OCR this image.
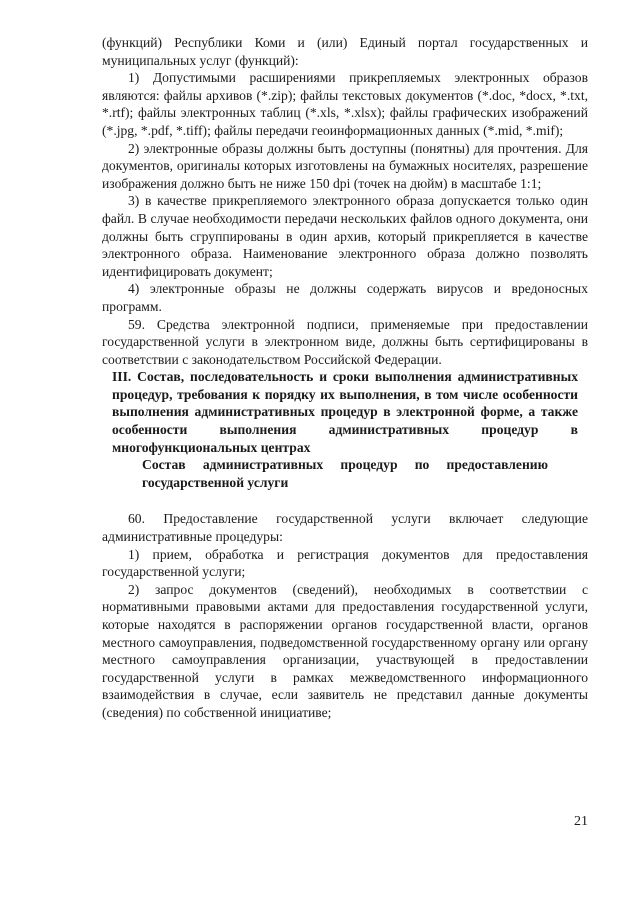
(функций) Республики Коми и (или) Единый портал государственных и муниципальных услуг (функций):

1) Допустимыми расширениями прикрепляемых электронных образов являются: файлы архивов (*.zip); файлы текстовых документов (*.doc, *docx, *.txt, *.rtf); файлы электронных таблиц (*.xls, *.xlsx); файлы графических изображений (*.jpg, *.pdf, *.tiff); файлы передачи геоинформационных данных (*.mid, *.mif);

2) электронные образы должны быть доступны (понятны) для прочтения. Для документов, оригиналы которых изготовлены на бумажных носителях, разрешение изображения должно быть не ниже 150 dpi (точек на дюйм) в масштабе 1:1;

3) в качестве прикрепляемого электронного образа допускается только один файл. В случае необходимости передачи нескольких файлов одного документа, они должны быть сгруппированы в один архив, который прикрепляется в качестве электронного образа. Наименование электронного образа должно позволять идентифицировать документ;

4) электронные образы не должны содержать вирусов и вредоносных программ.

59. Средства электронной подписи, применяемые при предоставлении государственной услуги в электронном виде, должны быть сертифицированы в соответствии с законодательством Российской Федерации.

III. Состав, последовательность и сроки выполнения административных процедур, требования к порядку их выполнения, в том числе особенности выполнения административных процедур в электронной форме, а также особенности выполнения административных процедур в многофункциональных центрах

Состав административных процедур по предоставлению государственной услуги

60. Предоставление государственной услуги включает следующие административные процедуры:

1) прием, обработка и регистрация документов для предоставления государственной услуги;

2) запрос документов (сведений), необходимых в соответствии с нормативными правовыми актами для предоставления государственной услуги, которые находятся в распоряжении органов государственной власти, органов местного самоуправления, подведомственной государственному органу или органу местного самоуправления организации, участвующей в предоставлении государственной услуги в рамках межведомственного информационного взаимодействия в случае, если заявитель не представил данные документы (сведения) по собственной инициативе;

21
